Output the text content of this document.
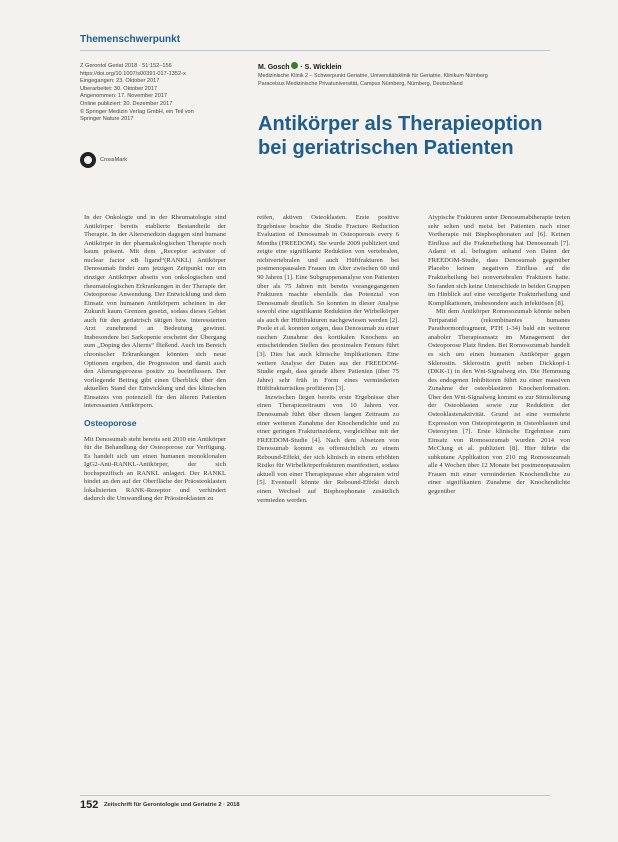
Themenschwerpunkt
Z Gerontol Geriat 2018 · 51:152–156
https://doi.org/10.1007/s00391-017-1352-x
Eingegangen: 23. Oktober 2017
Überarbeitet: 30. Oktober 2017
Angenommen: 17. November 2017
Online publiziert: 20. Dezember 2017
© Springer Medizin Verlag GmbH, ein Teil von
Springer Nature 2017
CrossMark
M. Gosch  · S. Wicklein
Medizinische Klinik 2 – Schwerpunkt Geriatrie, Universitätsklinik für Geriatrie, Klinikum Nürnberg
Paracelsus Medizinische Privatuniversität, Campus Nürnberg, Nürnberg, Deutschland
Antikörper als Therapieoption bei geriatrischen Patienten

In der Onkologie und in der Rheumatologie sind Antikörper bereits etablierte Bestandteile der Therapie. In der Altersmedizin dagegen sind humane Antikörper in der pharmakologischen Therapie noch kaum präsent. Mit dem „Receptor activator of nuclear factor κB ligand“(RANKL) Antikörper Denosumab findet zum jetzigen Zeitpunkt nur ein einziger Antikörper abseits von onkologischen und rheumatologischen Erkrankungen in der Therapie der Osteoporose Anwendung. Der Entwicklung und dem Einsatz von humanen Antikörpern scheinen in der Zukunft kaum Grenzen gesetzt, sodass dieses Gebiet auch für den geriatrisch tätigen bzw. interessierten Arzt zunehmend an Bedeutung gewinnt. Insbesondere bei Sarkopenie erscheint der Übergang zum „Doping des Alterns“ fließend. Auch im Bereich chronischer Erkrankungen könnten sich neue Optionen ergeben, die Progression und damit auch den Alterungsprozess positiv zu beeinflussen. Der vorliegende Beitrag gibt einen Überblick über den aktuellen Stand der Entwicklung und des klinischen Einsatzes von potenziell für den älteren Patienten interessanten Antikörpern.

Osteoporose

Mit Denosumab steht bereits seit 2010 ein Antikörper für die Behandlung der Osteoporose zur Verfügung. Es handelt sich um einen humanen monoklonalen IgG2-Anti-RANKL-Antikörper, der sich hochspezifisch an RANKL anlagert. Der RANKL bindet an den auf der Oberfläche der Präosteoklasten lokalisierten RANK-Rezeptor und verhindert dadurch die Umwandlung der Präosteoklasten zu

reifen, aktiven Osteoklasten. Erste positive Ergebnisse brachte die Studie Fracture Reduction Evaluation of Denosumab in Osteoporosis every 6 Months (FREEDOM). Sie wurde 2009 publiziert und zeigte eine signifikante Reduktion von vertebralen, nichtvertebralen und auch Hüftfrakturen bei postmenopausalen Frauen im Alter zwischen 60 und 90 Jahren [1]. Eine Subgruppenanalyse von Patienten über als 75 Jahren mit bereits vorangegangenen Frakturen machte ebenfalls das Potenzial von Denosumab deutlich. So konnten in dieser Analyse sowohl eine signifikante Reduktion der Wirbelkörper als auch der Hüftfrakturen nachgewiesen werden [2]. Poole et al. konnten zeigen, dass Denosumab zu einer raschen Zunahme des kortikalen Knochens an entscheidenden Stellen des proximalen Femurs führt [3]. Dies hat auch klinische Implikationen. Eine weitere Analyse der Daten aus der FREEDOM-Studie ergab, dass gerade ältere Patienten (über 75 Jahre) sehr früh in Form eines verminderten Hüftfrakturrisikos profitieren [3].

Inzwischen liegen bereits erste Ergebnisse über einen Therapiezeitraum von 10 Jahren vor. Denosumab führt über diesen langen Zeitraum zu einer weiteren Zunahme der Knochendichte und zu einer geringen Frakturinzidenz, vergleichbar mit der FREEDOM-Studie [4]. Nach dem Absetzen von Denosumab kommt es offensichtlich zu einem Rebound-Effekt, der sich klinisch in einem erhöhten Risiko für Wirbelkörperfrakturen manifestiert, sodass aktuell von einer Therapiepause eher abgeraten wird [5]. Eventuell könnte der Rebound-Effekt durch einen Wechsel auf Bisphosphonate zusätzlich vermieden werden.

Atypische Frakturen unter Denosumabtherapie treten sehr selten und meist bei Patienten nach einer Vortherapie mit Bisphosphonaten auf [6]. Keinen Einfluss auf die Frakturheilung hat Denosumab [7]. Adami et al. befragten anhand von Daten der FREEDOM-Studie, dass Denosumab gegenüber Placebo keinen negativen Einfluss auf die Frakturheilung bei nonvertebralen Frakturen hatte. So fanden sich keine Unterschiede in beiden Gruppen im Hinblick auf eine verzögerte Frakturheilung und Komplikationen, insbesondere auch infektiösen [8].

Mit dem Antikörper Romosozumab könnte neben Teriparatid (rekombinantes humanes Parathormonfragment, PTH 1-34) bald ein weiterer anaboler Therapieansatz im Management der Osteoporose Platz finden. Bei Romosozumab handelt es sich um einen humanen Antikörper gegen Sklerostin. Sklerostin greift neben Dickkopf-1 (DKK-1) in den Wnt-Signalweg ein. Die Hemmung des endogenen Inhibitoren führt zu einer massiven Zunahme der osteoblastären Knochenformation. Über den Wnt-Signalweg kommt es zur Stimulierung der Osteoblasten sowie zur Reduktion der Osteoklastenaktivität. Grund ist eine vermehrte Expression von Osteoprotegerin in Osteoblasten und Osteozyten [7]. Erste klinische Ergebnisse zum Einsatz von Romosozumab wurden 2014 von McClung et al. publiziert [8]. Hier führte die subkutane Applikation von 210 mg Romosozumab alle 4 Wochen über 12 Monate bei postmenopausalen Frauen mit einer verminderten Knochendichte zu einer signifikanten Zunahme der Knochendichte gegenüber

152 Zeitschrift für Gerontologie und Geriatrie 2 · 2018
